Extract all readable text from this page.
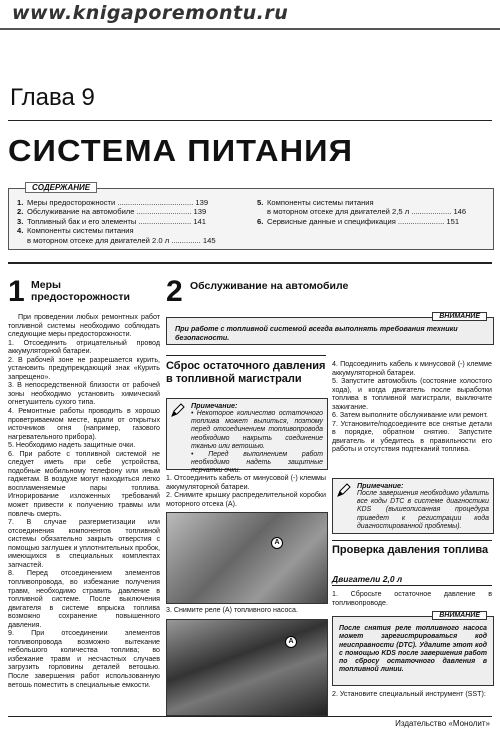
www.knigaporemontu.ru
Глава 9
СИСТЕМА ПИТАНИЯ
СОДЕРЖАНИЕ
1. Меры предосторожности .................................... 139
2. Обслуживание на автомобиле .......................... 139
3. Топливный бак и его элементы ......................... 141
4. Компоненты системы питания
в моторном отсеке для двигателей 2.0 л .............. 145
5. Компоненты системы питания
в моторном отсеке для двигателей 2,5 л ................... 146
6. Сервисные данные и спецификация ...................... 151
1 Меры предосторожности

При проведении любых ремонтных работ топливной системы необходимо соблюдать следующие меры предосторожности.

1. Отсоединить отрицательный провод аккумуляторной батареи.

2. В рабочей зоне не разрешается курить, установить предупреждающий знак «Курить запрещено».

3. В непосредственной близости от рабочей зоны необходимо установить химический огнетушитель сухого типа.

4. Ремонтные работы проводить в хорошо проветриваемом месте, вдали от открытых источников огня (например, газового нагревательного прибора).

5. Необходимо надеть защитные очки.

6. При работе с топливной системой не следует иметь при себе устройства, подобные мобильному телефону или иным гаджетам. В воздухе могут находиться легко воспламеняемые пары топлива. Игнорирование изложенных требований может привести к получению травмы или повлечь смерть.

7. В случае разгерметизации или отсоединения компонентов топливной системы обязательно закрыть отверстия с помощью заглушек и уплотнительных пробок, имеющихся в специальных комплектах запчастей.

8. Перед отсоединением элементов топливопровода, во избежание получения травм, необходимо стравить давление в топливной системе. После выключения двигателя в системе впрыска топлива возможно сохранение повышенного давления.

9. При отсоединении элементов топливопровода возможно вытекание небольшого количества топлива; во избежание травм и несчастных случаев загрузить горловины деталей ветошью. После завершения работ использованную ветошь поместить в специальные емкости.

2 Обслуживание на автомобиле
ВНИМАНИЕ
При работе с топливной системой всегда выполнять требования техники безопасности.
Сброс остаточного давления в топливной магистрали
Примечание:
• Некоторое количество остаточного топлива может вылиться, поэтому перед отсоединением топливопровода необходимо накрыть соединение тканью или ветошью.
• Перед выполнением работ необходимо надеть защитные перчатки очки.

1. Отсоединить кабель от минусовой (-) клеммы аккумуляторной батареи.

2. Снимите крышку распределительной коробки моторного отсека (A).

A

3. Снимите реле (A) топливного насоса.

A

4. Подсоединить кабель к минусовой (-) клемме аккумуляторной батареи.

5. Запустите автомобиль (состояние холостого хода), и когда двигатель после выработки топлива в топливной магистрали, выключите зажигание.

6. Затем выполните обслуживание или ремонт.

7. Установите/подсоедините все снятые детали в порядке, обратном снятию. Запустите двигатель и убедитесь в правильности его работы и отсутствия подтеканий топлива.

Примечание:
После завершения необходимо удалить все коды DTC в системе диагностики KDS (вышеописанная процедура приведет к регистрации кода диагностированной проблемы).
Проверка давления топлива
Двигатели 2,0 л

1. Сбросьте остаточное давление в топливопроводе.

ВНИМАНИЕ
После снятия реле топливного насоса может зарегистрироваться код неисправности (DTC). Удалите этот код с помощью KDS после завершения работ по сбросу остаточного давления в топливной линии.

2. Установите специальный инструмент (SST):

Издательство «Монолит»
